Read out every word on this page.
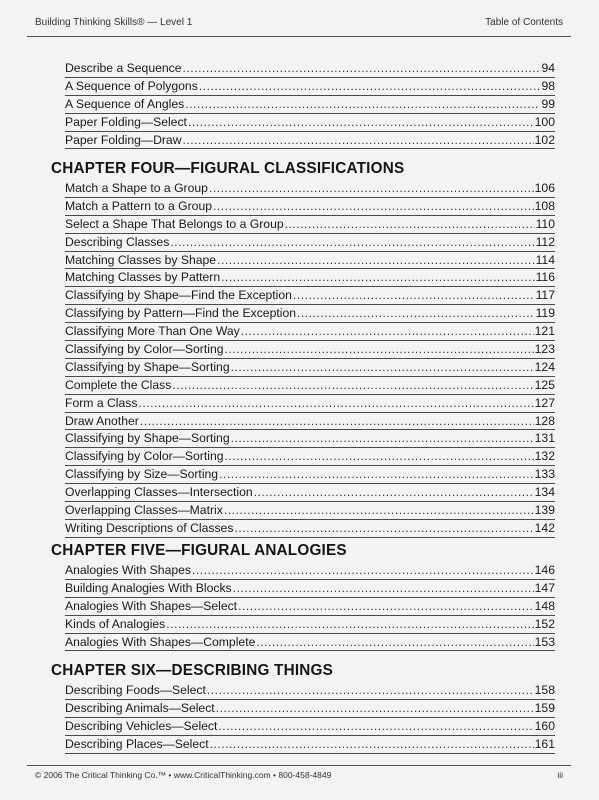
Building Thinking Skills® — Level 1	Table of Contents
Describe a Sequence .....	94
A Sequence of Polygons .....	98
A Sequence of Angles .....	99
Paper Folding—Select .....	100
Paper Folding—Draw .....	102
CHAPTER FOUR—FIGURAL CLASSIFICATIONS
Match a Shape to a Group .....	106
Match a Pattern to a Group .....	108
Select a Shape That Belongs to a Group .....	110
Describing Classes .....	112
Matching Classes by Shape .....	114
Matching Classes by Pattern .....	116
Classifying by Shape—Find the Exception .....	117
Classifying by Pattern—Find the Exception .....	119
Classifying More Than One Way .....	121
Classifying by Color—Sorting .....	123
Classifying by Shape—Sorting .....	124
Complete the Class .....	125
Form a Class .....	127
Draw Another .....	128
Classifying by Shape—Sorting .....	131
Classifying by Color—Sorting .....	132
Classifying by Size—Sorting .....	133
Overlapping Classes—Intersection .....	134
Overlapping Classes—Matrix .....	139
Writing Descriptions of Classes .....	142
CHAPTER FIVE—FIGURAL ANALOGIES
Analogies With Shapes .....	146
Building Analogies With Blocks .....	147
Analogies With Shapes—Select .....	148
Kinds of Analogies .....	152
Analogies With Shapes—Complete .....	153
CHAPTER SIX—DESCRIBING THINGS
Describing Foods—Select .....	158
Describing Animals—Select .....	159
Describing Vehicles—Select .....	160
Describing Places—Select .....	161
© 2006 The Critical Thinking Co.™ • www.CriticalThinking.com • 800-458-4849	iii
